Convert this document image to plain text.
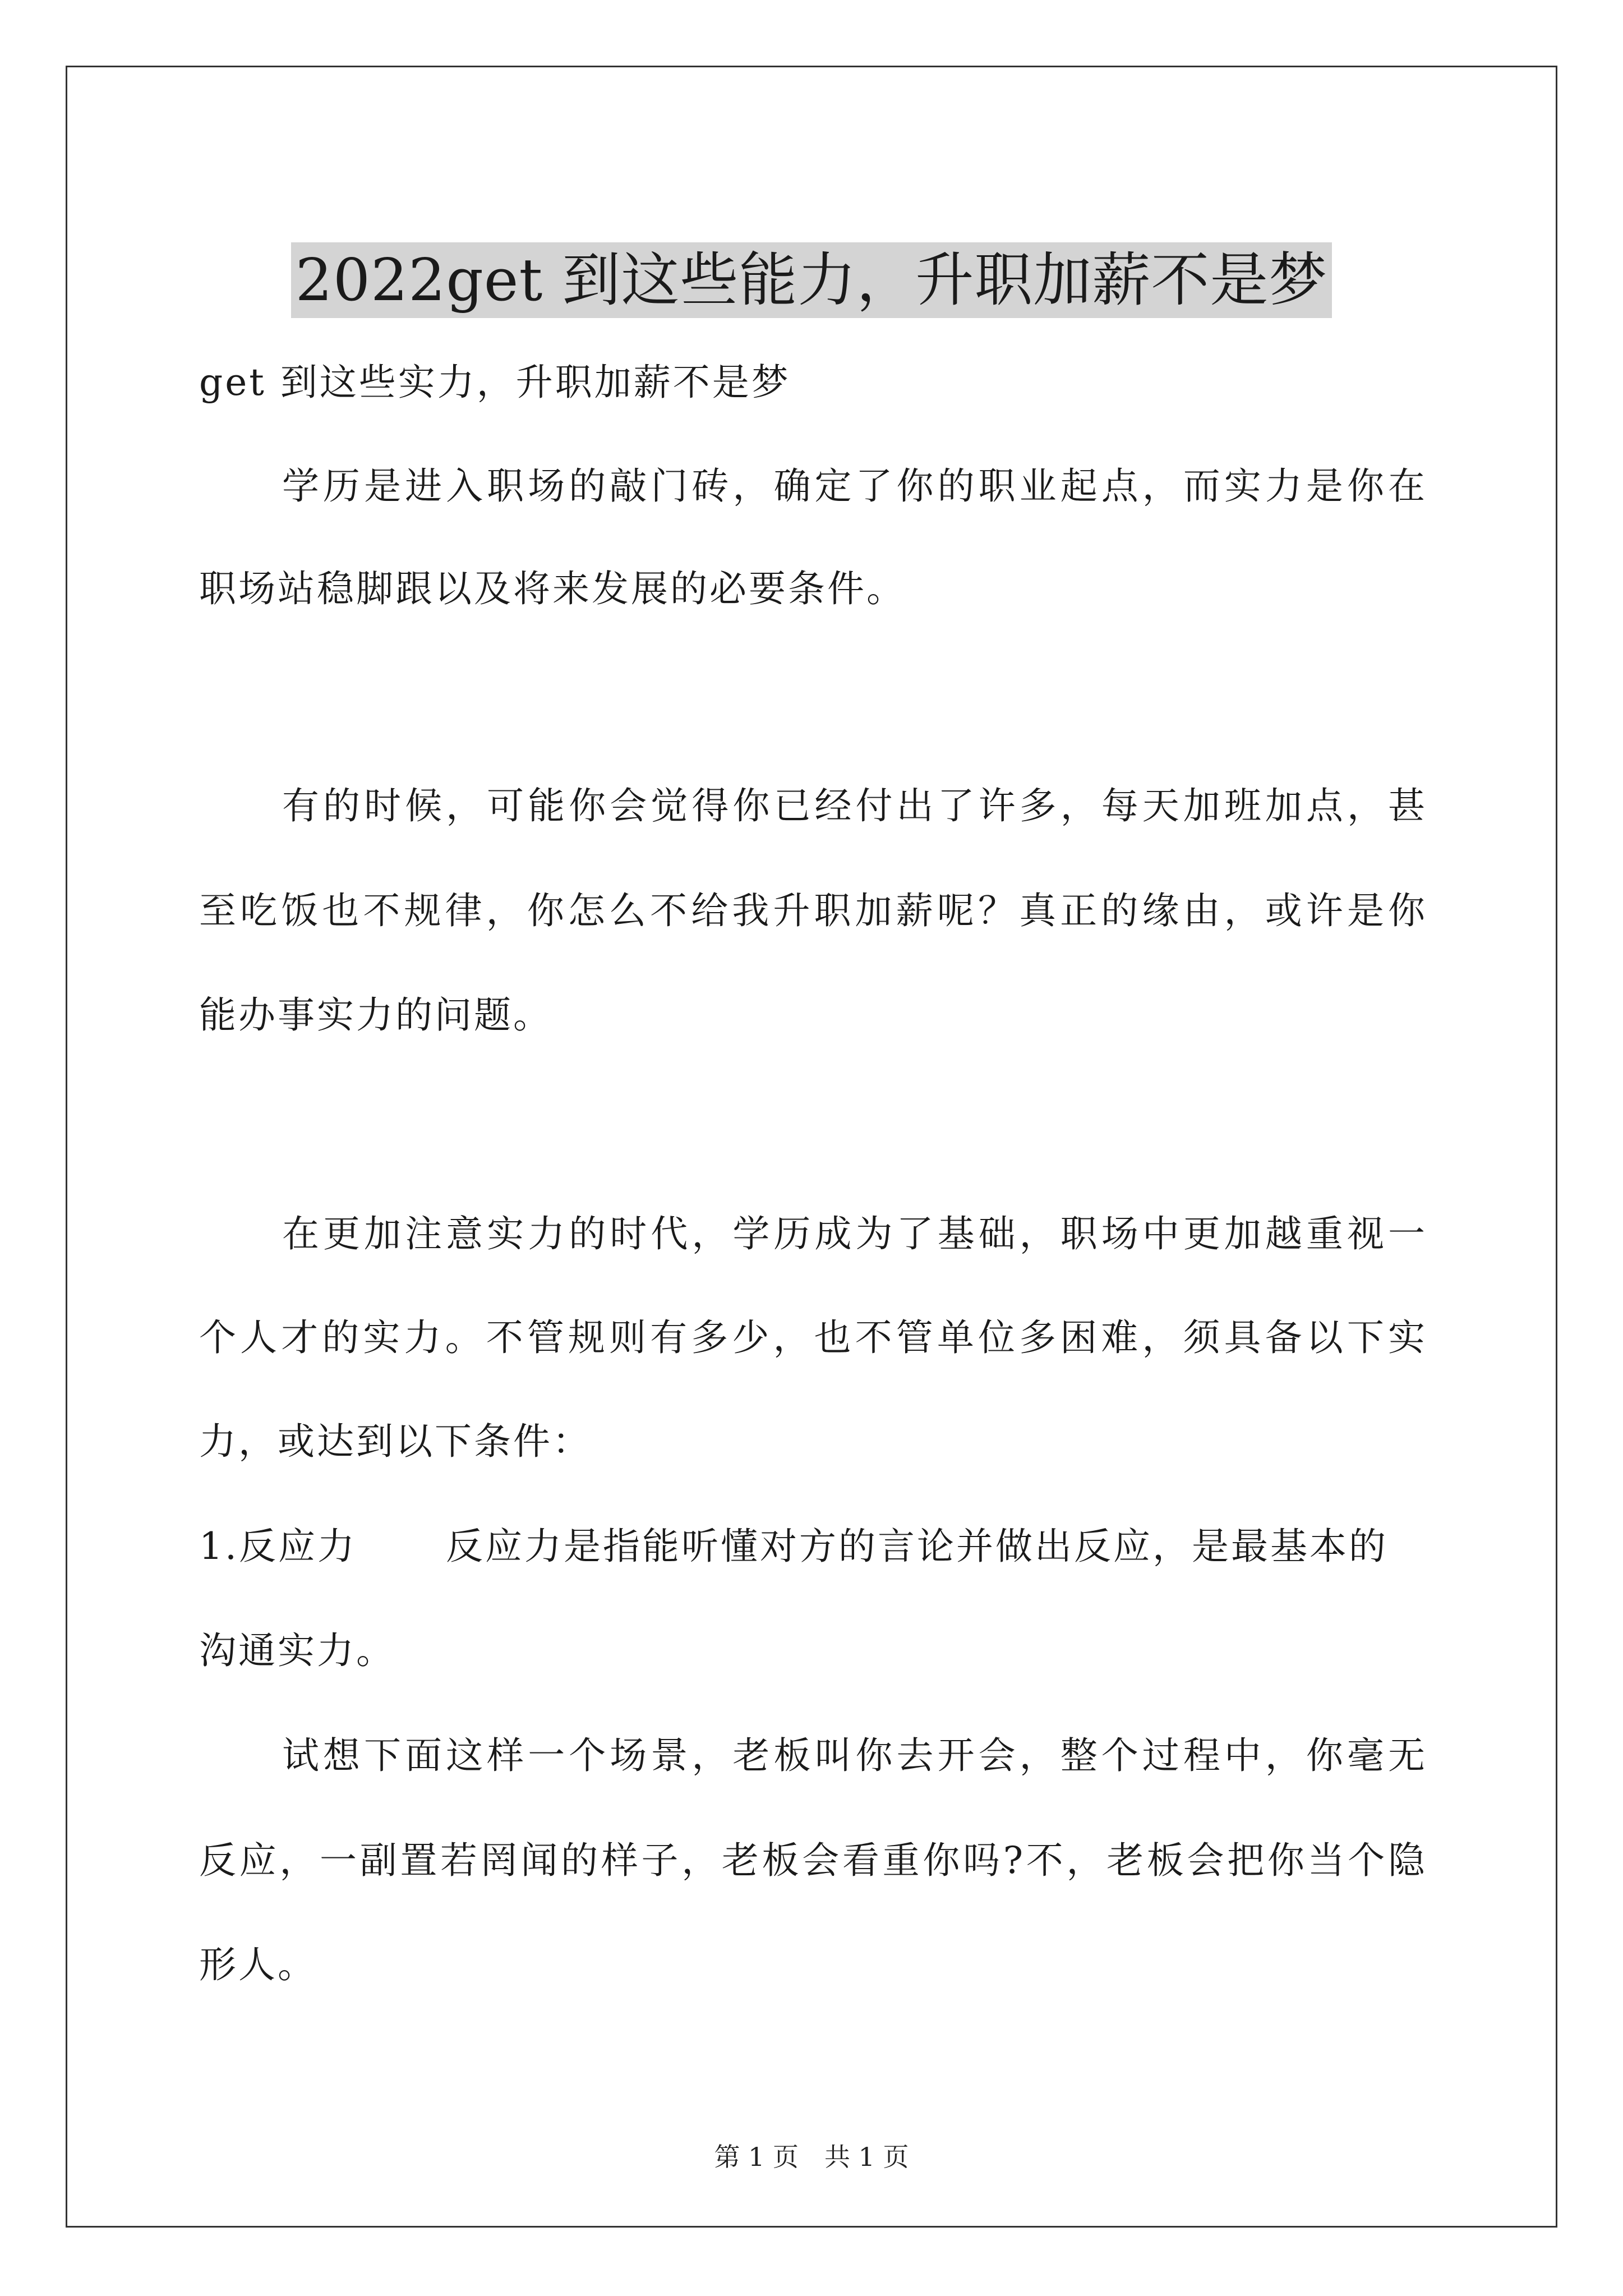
2022get 到这些能力，升职加薪不是梦
get 到这些实力，升职加薪不是梦
学历是进入职场的敲门砖，确定了你的职业起点，而实力是你在
职场站稳脚跟以及将来发展的必要条件。
有的时候，可能你会觉得你已经付出了许多，每天加班加点，甚
至吃饭也不规律，你怎么不给我升职加薪呢？真正的缘由，或许是你
能办事实力的问题。
在更加注意实力的时代，学历成为了基础，职场中更加越重视一
个人才的实力。不管规则有多少，也不管单位多困难，须具备以下实
力，或达到以下条件：
1.反应力 反应力是指能听懂对方的言论并做出反应，是最基本的
沟通实力。
试想下面这样一个场景，老板叫你去开会，整个过程中，你毫无
反应，一副置若罔闻的样子，老板会看重你吗?不，老板会把你当个隐
形人。
第 1 页　共 1 页
